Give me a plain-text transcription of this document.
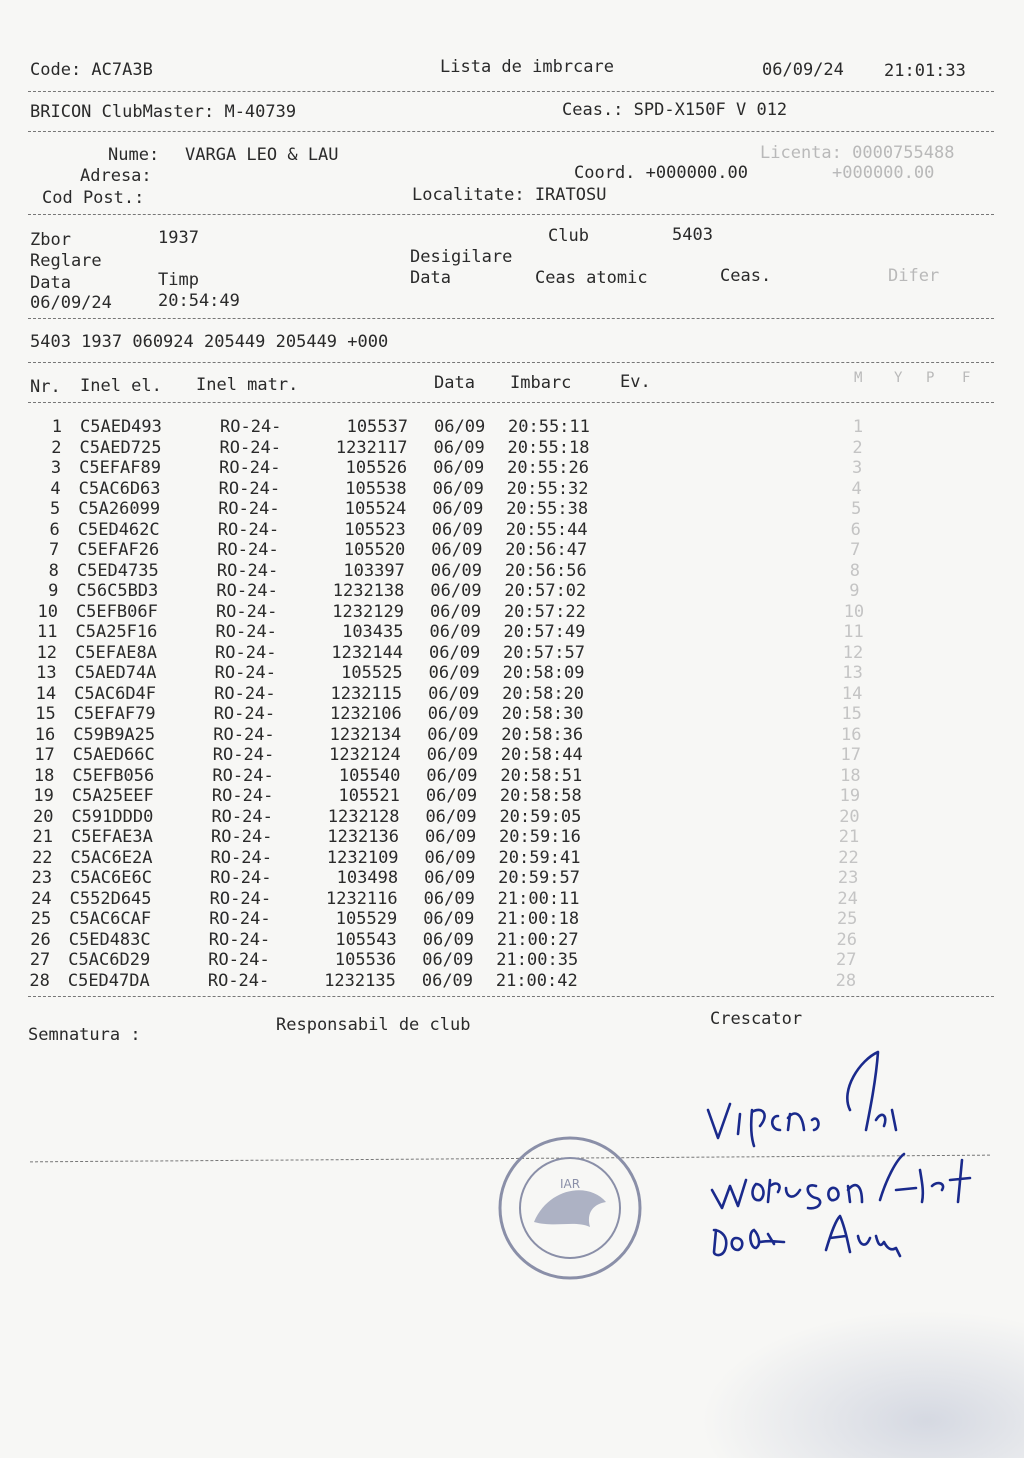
Code: AC7A3B	Lista de imbrcare	06/09/24 21:01:33
BRICON ClubMaster: M-40739	Ceas.: SPD-X150F V 012
Nume: VARGA LEO & LAU	Licenta: 0000755488
Adresa:	Coord. +000000.00	+000000.00
Cod Post.:	Localitate: IRATOSU
Zbor	1937	Club	5403
Reglare	Desigilare
Data	Timp	Data	Ceas atomic	Ceas.	Difer
06/09/24	20:54:49
5403 1937 060924 205449 205449 +000
Nr. Inel el. Inel matr.	Data Imbarc	Ev.	M Y P F
1 C5AED493	RO-24-	105537 06/09 20:55:11	1
2 C5AED725	RO-24-	1232117 06/09 20:55:18	2
3 C5EFAF89	RO-24-	105526 06/09 20:55:26	3
4 C5AC6D63	RO-24-	105538 06/09 20:55:32	4
5 C5A26099	RO-24-	105524 06/09 20:55:38	5
6 C5ED462C	RO-24-	105523 06/09 20:55:44	6
7 C5EFAF26	RO-24-	105520 06/09 20:56:47	7
8 C5ED4735	RO-24-	103397 06/09 20:56:56	8
9 C56C5BD3	RO-24-	1232138 06/09 20:57:02	9
10 C5EFB06F	RO-24-	1232129 06/09 20:57:22	10
11 C5A25F16	RO-24-	103435 06/09 20:57:49	11
12 C5EFAE8A	RO-24-	1232144 06/09 20:57:57	12
13 C5AED74A	RO-24-	105525 06/09 20:58:09	13
14 C5AC6D4F	RO-24-	1232115 06/09 20:58:20	14
15 C5EFAF79	RO-24-	1232106 06/09 20:58:30	15
16 C59B9A25	RO-24-	1232134 06/09 20:58:36	16
17 C5AED66C	RO-24-	1232124 06/09 20:58:44	17
18 C5EFB056	RO-24-	105540 06/09 20:58:51	18
19 C5A25EEF	RO-24-	105521 06/09 20:58:58	19
20 C591DDD0	RO-24-	1232128 06/09 20:59:05	20
21 C5EFAE3A	RO-24-	1232136 06/09 20:59:16	21
22 C5AC6E2A	RO-24-	1232109 06/09 20:59:41	22
23 C5AC6E6C	RO-24-	103498 06/09 20:59:57	23
24 C552D645	RO-24-	1232116 06/09 21:00:11	24
25 C5AC6CAF	RO-24-	105529 06/09 21:00:18	25
26 C5ED483C	RO-24-	105543 06/09 21:00:27	26
27 C5AC6D29	RO-24-	105536 06/09 21:00:35	27
28 C5ED47DA	RO-24-	1232135 06/09 21:00:42	28
Semnatura :	Responsabil de club	Crescator
IAR
